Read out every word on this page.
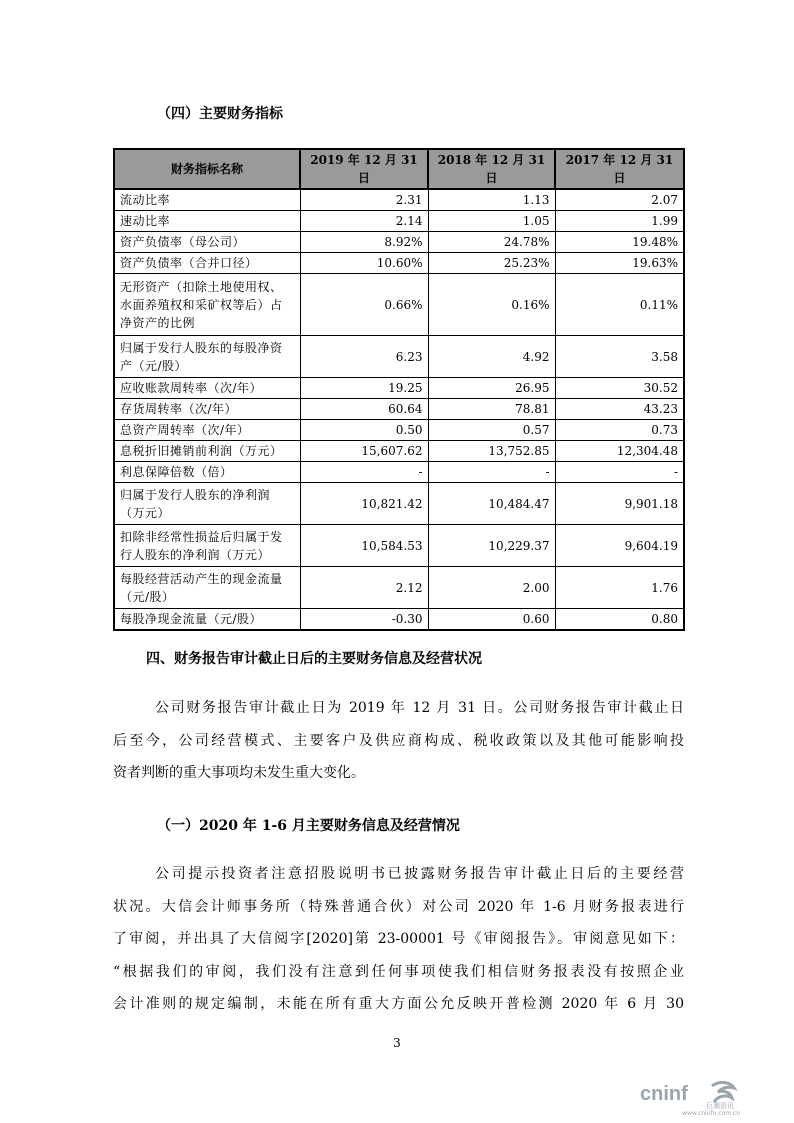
（四）主要财务指标
财务指标名称	2019 年 12 月 31 日	2018 年 12 月 31 日	2017 年 12 月 31 日
流动比率	2.31	1.13	2.07
速动比率	2.14	1.05	1.99
资产负债率（母公司）	8.92%	24.78%	19.48%
资产负债率（合并口径）	10.60%	25.23%	19.63%
无形资产（扣除土地使用权、水面养殖权和采矿权等后）占净资产的比例	0.66%	0.16%	0.11%
归属于发行人股东的每股净资产（元/股）	6.23	4.92	3.58
应收账款周转率（次/年）	19.25	26.95	30.52
存货周转率（次/年）	60.64	78.81	43.23
总资产周转率（次/年）	0.50	0.57	0.73
息税折旧摊销前利润（万元）	15,607.62	13,752.85	12,304.48
利息保障倍数（倍）	-	-	-
归属于发行人股东的净利润（万元）	10,821.42	10,484.47	9,901.18
扣除非经常性损益后归属于发行人股东的净利润（万元）	10,584.53	10,229.37	9,604.19
每股经营活动产生的现金流量（元/股）	2.12	2.00	1.76
每股净现金流量（元/股）	-0.30	0.60	0.80
四、财务报告审计截止日后的主要财务信息及经营状况
公司财务报告审计截止日为 2019 年 12 月 31 日。公司财务报告审计截止日
后至今，公司经营模式、主要客户及供应商构成、税收政策以及其他可能影响投
资者判断的重大事项均未发生重大变化。
（一）2020 年 1-6 月主要财务信息及经营情况
公司提示投资者注意招股说明书已披露财务报告审计截止日后的主要经营
状况。大信会计师事务所（特殊普通合伙）对公司 2020 年 1-6 月财务报表进行
了审阅，并出具了大信阅字[2020]第 23-00001 号《审阅报告》。审阅意见如下：
“根据我们的审阅，我们没有注意到任何事项使我们相信财务报表没有按照企业
会计准则的规定编制，未能在所有重大方面公允反映开普检测 2020 年 6 月 30
3
cninf
巨潮资讯
www.cninfo.com.cn
